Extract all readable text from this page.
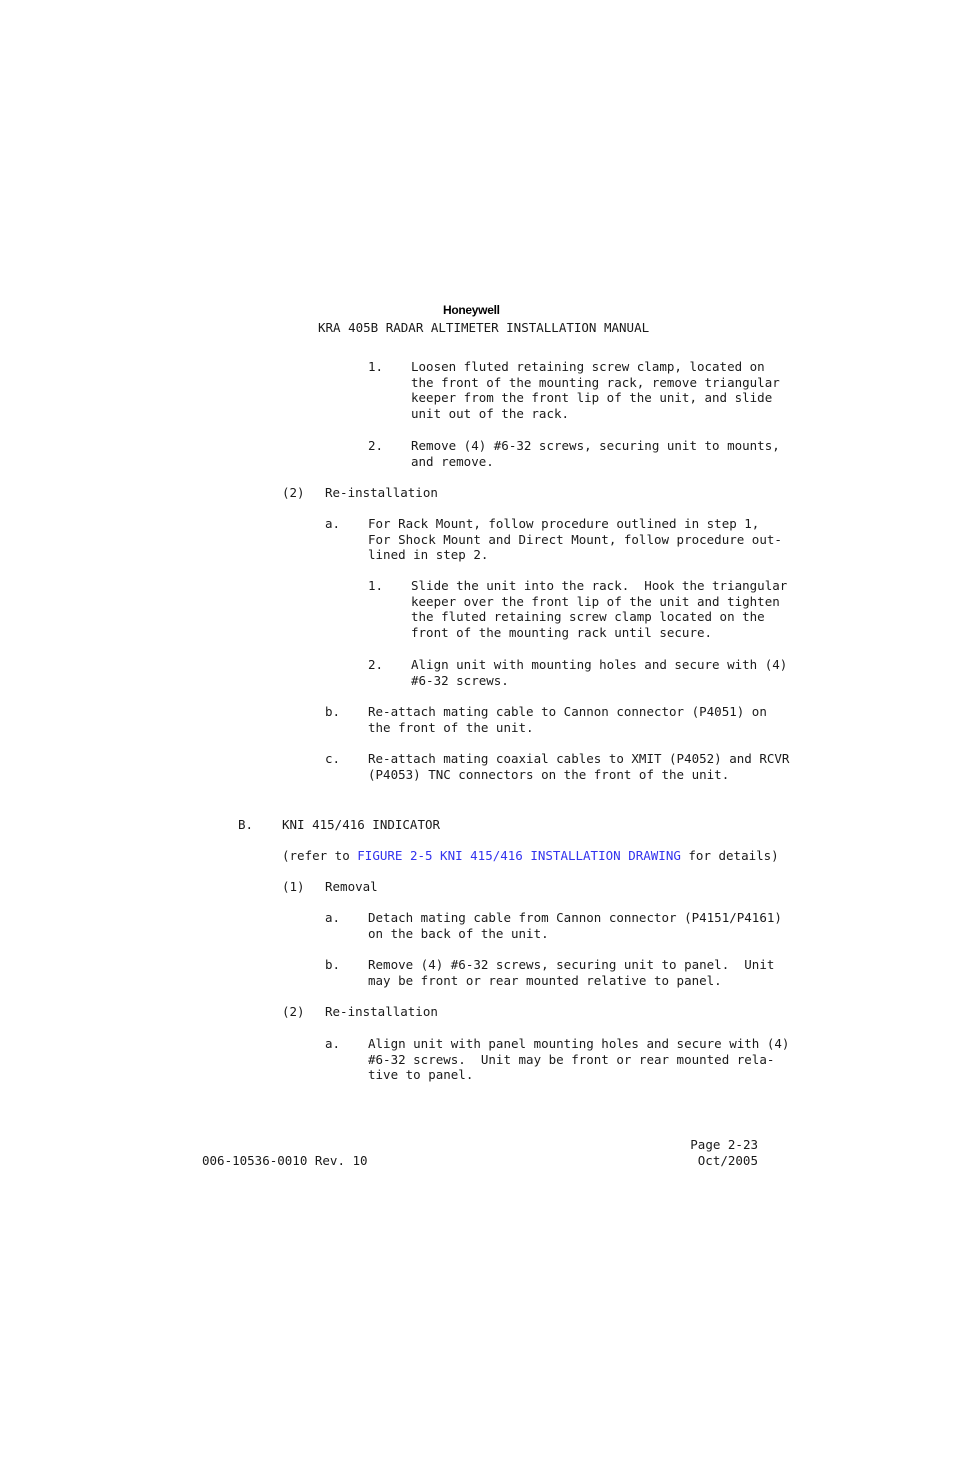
Honeywell
KRA 405B RADAR ALTIMETER INSTALLATION MANUAL
1. Loosen fluted retaining screw clamp, located on
the front of the mounting rack, remove triangular
keeper from the front lip of the unit, and slide
unit out of the rack.
2. Remove (4) #6-32 screws, securing unit to mounts,
and remove.
(2) Re-installation
a. For Rack Mount, follow procedure outlined in step 1,
For Shock Mount and Direct Mount, follow procedure out-
lined in step 2.
1. Slide the unit into the rack.  Hook the triangular
keeper over the front lip of the unit and tighten
the fluted retaining screw clamp located on the
front of the mounting rack until secure.
2. Align unit with mounting holes and secure with (4)
#6-32 screws.
b. Re-attach mating cable to Cannon connector (P4051) on
the front of the unit.
c. Re-attach mating coaxial cables to XMIT (P4052) and RCVR
(P4053) TNC connectors on the front of the unit.
B. KNI 415/416 INDICATOR
(refer to FIGURE 2-5 KNI 415/416 INSTALLATION DRAWING for details)
(1) Removal
a. Detach mating cable from Cannon connector (P4151/P4161)
on the back of the unit.
b. Remove (4) #6-32 screws, securing unit to panel.  Unit
may be front or rear mounted relative to panel.
(2) Re-installation
a. Align unit with panel mounting holes and secure with (4)
#6-32 screws.  Unit may be front or rear mounted rela-
tive to panel.
Page 2-23
006-10536-0010 Rev. 10	Oct/2005
